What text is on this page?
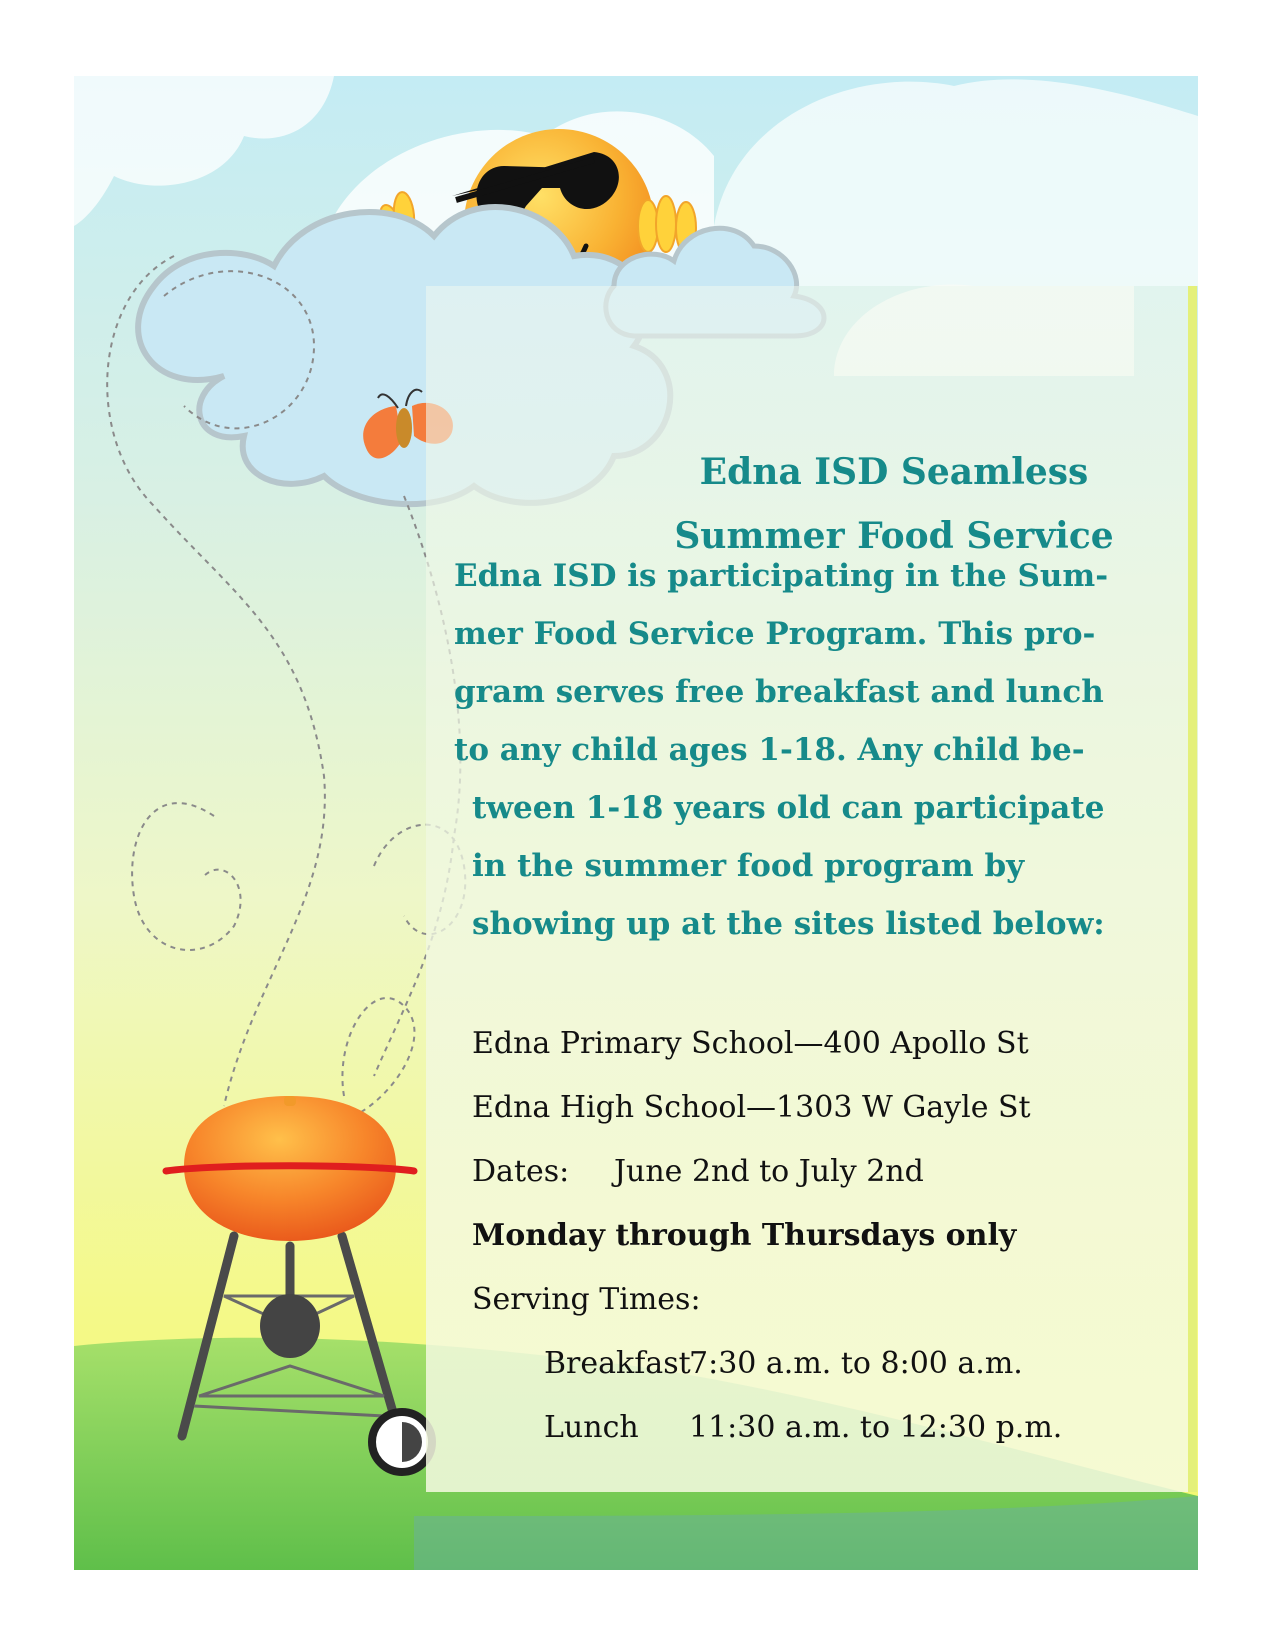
Edna ISD Seamless
Summer Food Service

Edna ISD is participating in the Sum-

mer Food Service Program. This pro-

gram serves free breakfast and lunch

to any child ages 1-18. Any child be-

tween 1-18 years old can participate

in the summer food program by

showing up at the sites listed below:

Edna Primary School—400 Apollo St

Edna High School—1303 W Gayle St

Dates: June 2nd to July 2nd

Monday through Thursdays only

Serving Times:

Breakfast

7:30 a.m. to 8:00 a.m.

Lunch 11:30 a.m. to 12:30 p.m.
